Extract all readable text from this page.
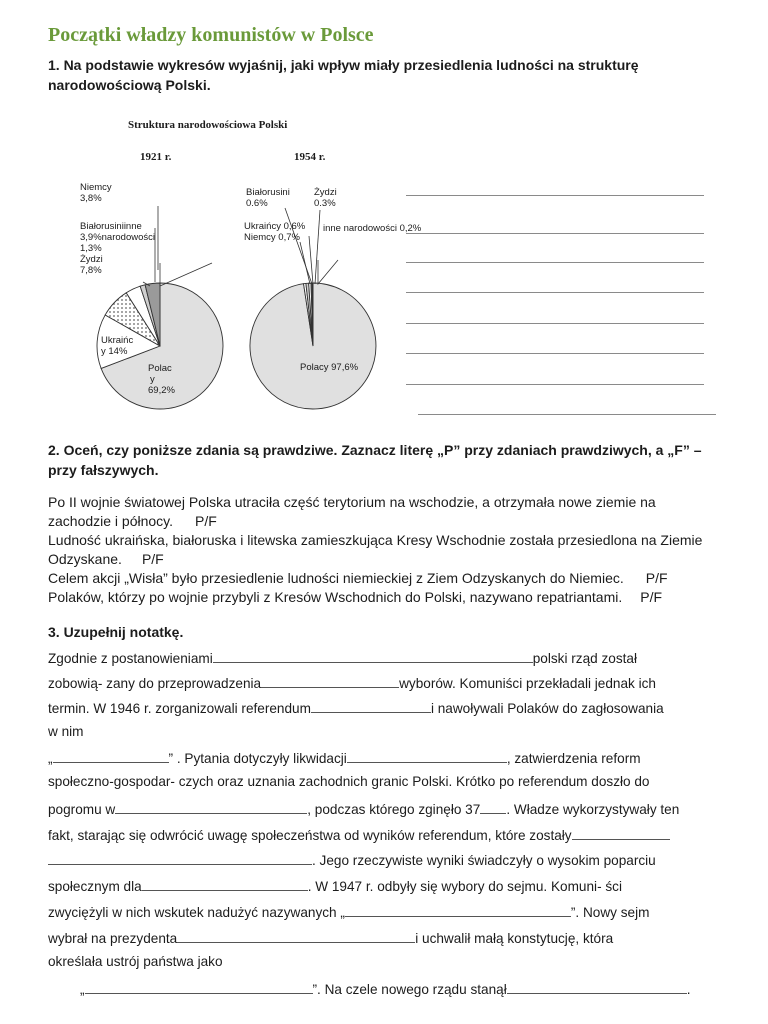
Początki władzy komunistów w Polsce
1. Na podstawie wykresów wyjaśnij, jaki wpływ miały przesiedlenia ludności na strukturę
narodowościową Polski.
Struktura narodowościowa Polski
1921 r.	1954 r.
Niemcy
3,8%
Białorusiniinne
3,9%narodowości
1,3%
Żydzi
7,8%
Ukraińc
y 14%
Polac
y
69,2%
Białorusini
0.6%
Żydzi
0.3%
Ukraińcy 0,6%
Niemcy 0,7%
inne narodowości 0,2%
Polacy 97,6%
2. Oceń, czy poniższe zdania są prawdziwe. Zaznacz literę „P” przy zdaniach prawdziwych, a „F” –
przy fałszywych.
Po II wojnie światowej Polska utraciła część terytorium na wschodzie, a otrzymała nowe ziemie na
zachodzie i północy. P/F
Ludność ukraińska, białoruska i litewska zamieszkująca Kresy Wschodnie została przesiedlona na Ziemie
Odzyskane. P/F
Celem akcji „Wisła” było przesiedlenie ludności niemieckiej z Ziem Odzyskanych do Niemiec. P/F
Polaków, którzy po wojnie przybyli z Kresów Wschodnich do Polski, nazywano repatriantami. P/F
3. Uzupełnij notatkę.
Zgodnie z postanowieniami	polski rząd został
zobowią- zany do przeprowadzenia	wyborów. Komuniści przekładali jednak ich
termin. W 1946 r. zorganizowali referendum	i nawoływali Polaków do zagłosowania
w nim
„	” . Pytania dotyczyły likwidacji	, zatwierdzenia reform
społeczno-gospodar- czych oraz uznania zachodnich granic Polski. Krótko po referendum doszło do
pogromu w	, podczas którego zginęło 37 . Władze wykorzystywały ten
fakt, starając się odwrócić uwagę społeczeństwa od wyników referendum, które zostały
. Jego rzeczywiste wyniki świadczyły o wysokim poparciu
społecznym dla	. W 1947 r. odbyły się wybory do sejmu. Komuni- ści
zwyciężyli w nich wskutek nadużyć nazywanych „	”. Nowy sejm
wybrał na prezydenta	i uchwalił małą konstytucję, która
określała ustrój państwa jako
„	”. Na czele nowego rządu stanął	.
